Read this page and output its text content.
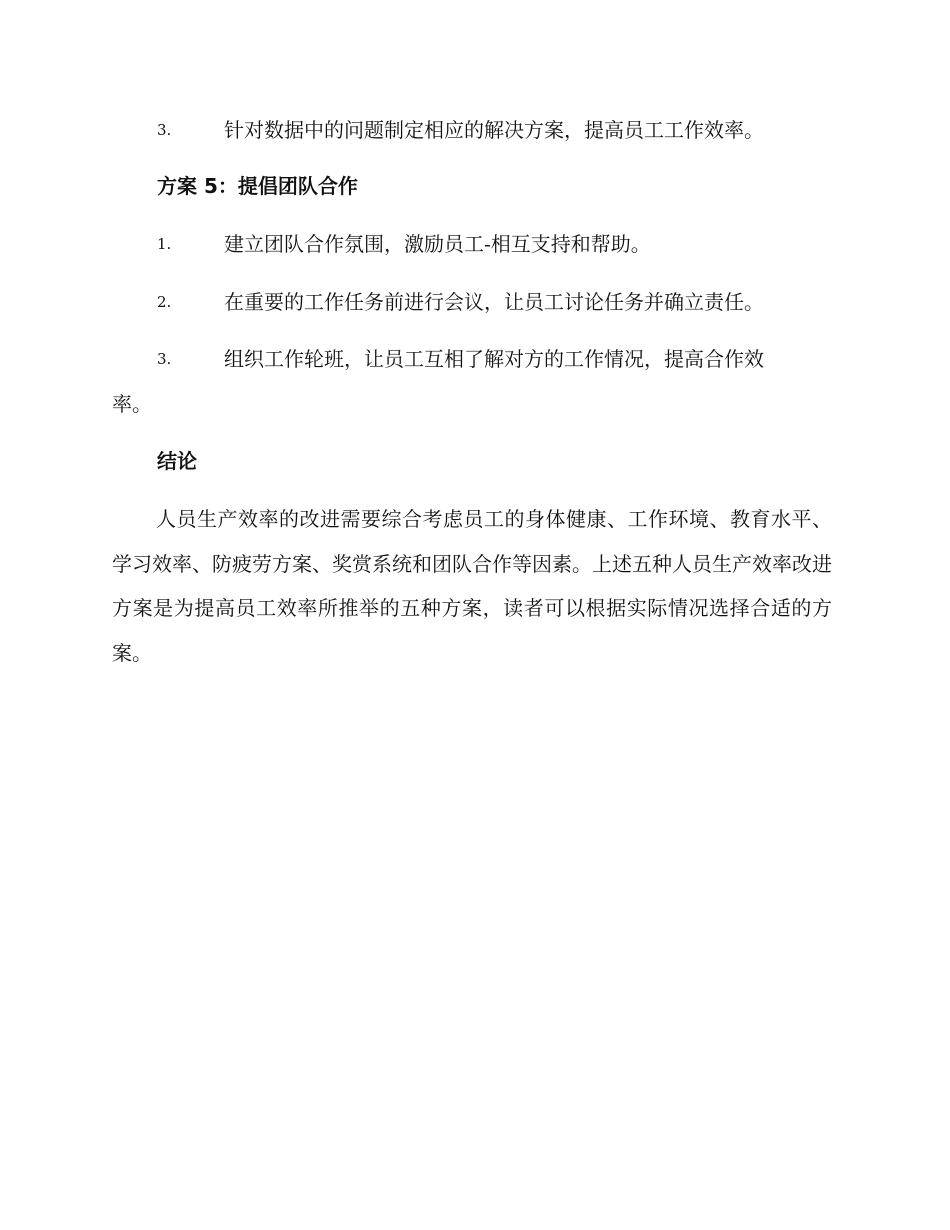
3.	针对数据中的问题制定相应的解决方案，提高员工工作效率。
方案 5：提倡团队合作
1.	建立团队合作氛围，激励员工-相互支持和帮助。
2.	在重要的工作任务前进行会议，让员工讨论任务并确立责任。
3.	组织工作轮班，让员工互相了解对方的工作情况，提高合作效
率。
结论

人员生产效率的改进需要综合考虑员工的身体健康、工作环境、教育水平、学习效率、防疲劳方案、奖赏系统和团队合作等因素。上述五种人员生产效率改进方案是为提高员工效率所推举的五种方案，读者可以根据实际情况选择合适的方案。
